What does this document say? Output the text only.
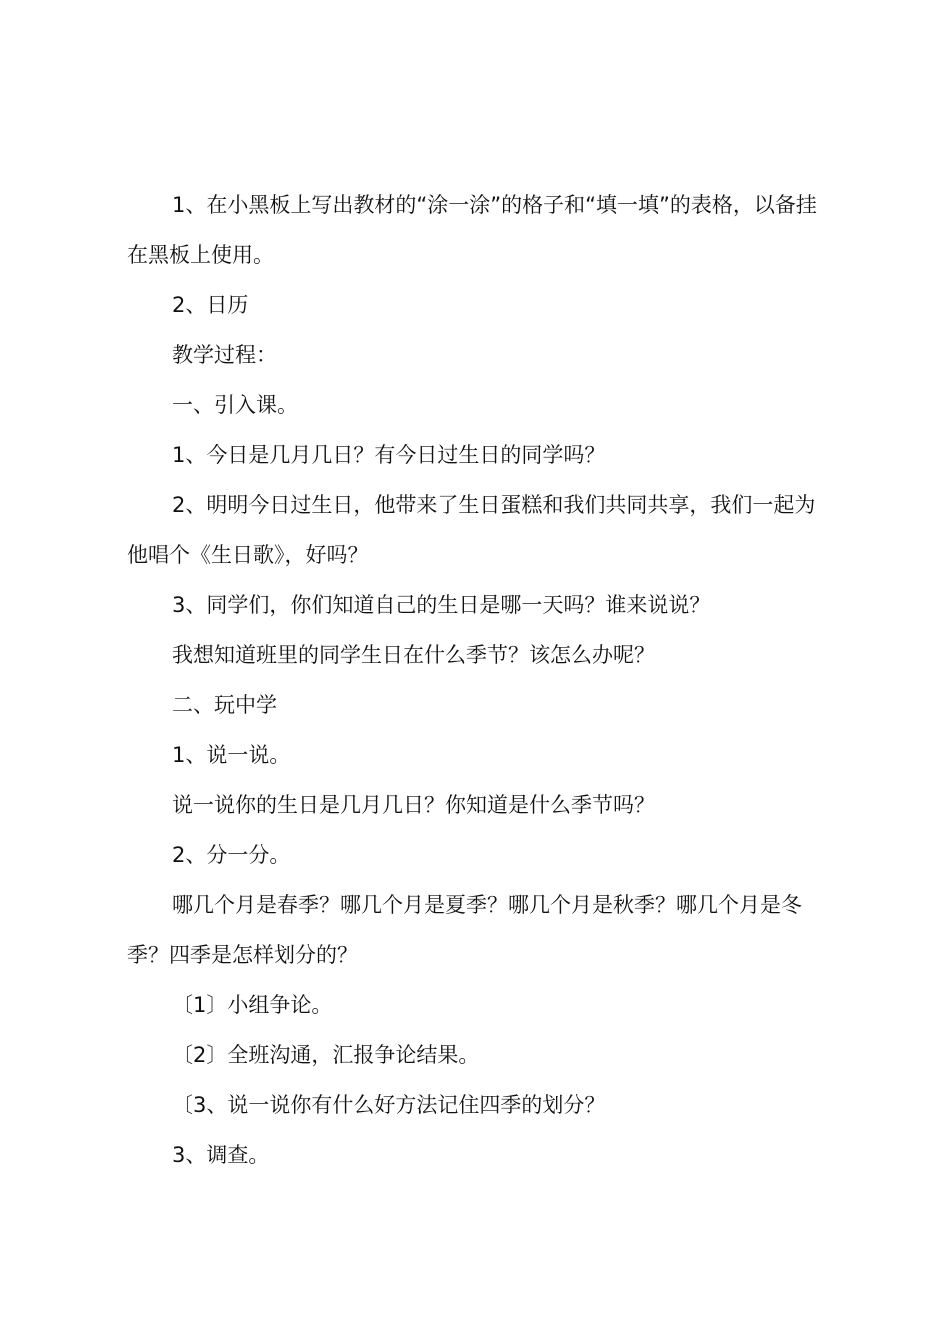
1、在小黑板上写出教材的“涂一涂”的格子和“填一填”的表格，以备挂在黑板上使用。

2、日历

教学过程：

一、引入课。

1、今日是几月几日？有今日过生日的同学吗？

2、明明今日过生日，他带来了生日蛋糕和我们共同共享，我们一起为他唱个《生日歌》，好吗？

3、同学们，你们知道自己的生日是哪一天吗？谁来说说？

我想知道班里的同学生日在什么季节？该怎么办呢？

二、玩中学

1、说一说。

说一说你的生日是几月几日？你知道是什么季节吗？

2、分一分。

哪几个月是春季？哪几个月是夏季？哪几个月是秋季？哪几个月是冬季？四季是怎样划分的？

〔1〕小组争论。

〔2〕全班沟通，汇报争论结果。

〔3、说一说你有什么好方法记住四季的划分？

3、调查。
